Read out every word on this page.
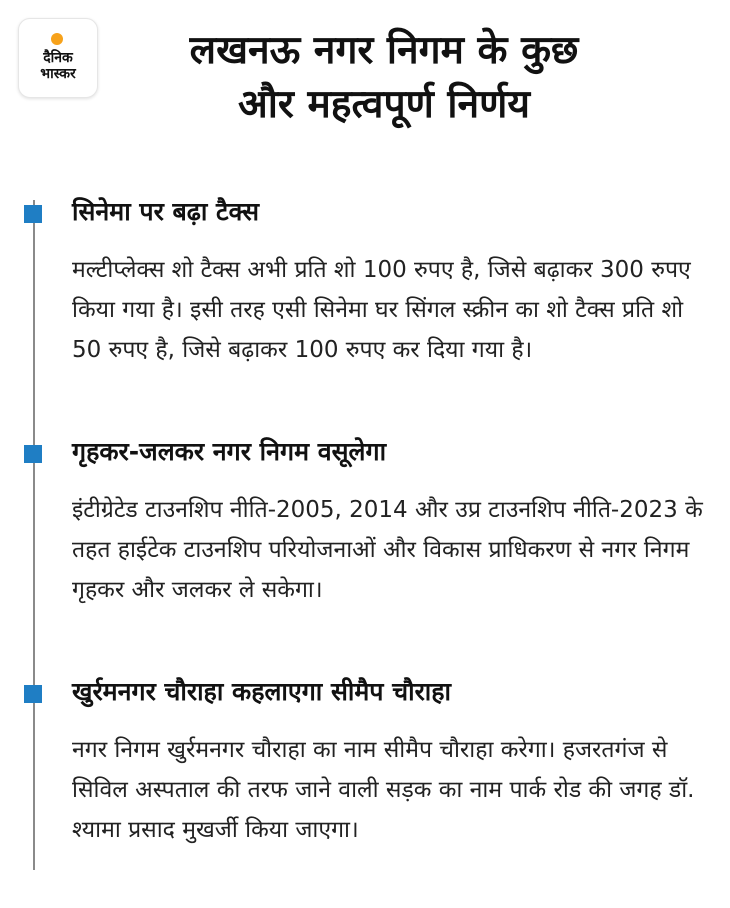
दैनिक
भास्कर
लखनऊ नगर निगम के कुछ
और महत्वपूर्ण निर्णय
सिनेमा पर बढ़ा टैक्स
मल्टीप्लेक्स शो टैक्स अभी प्रति शो 100 रुपए है, जिसे बढ़ाकर 300 रुपए किया गया है। इसी तरह एसी सिनेमा घर सिंगल स्क्रीन का शो टैक्स प्रति शो 50 रुपए है, जिसे बढ़ाकर 100 रुपए कर दिया गया है।
गृहकर-जलकर नगर निगम वसूलेगा
इंटीग्रेटेड टाउनशिप नीति-2005, 2014 और उप्र टाउनशिप नीति-2023 के तहत हाईटेक टाउनशिप परियोजनाओं और विकास प्राधिकरण से नगर निगम गृहकर और जलकर ले सकेगा।
खुर्रमनगर चौराहा कहलाएगा सीमैप चौराहा
नगर निगम खुर्रमनगर चौराहा का नाम सीमैप चौराहा करेगा। हजरतगंज से सिविल अस्पताल की तरफ जाने वाली सड़क का नाम पार्क रोड की जगह डॉ. श्यामा प्रसाद मुखर्जी किया जाएगा।
